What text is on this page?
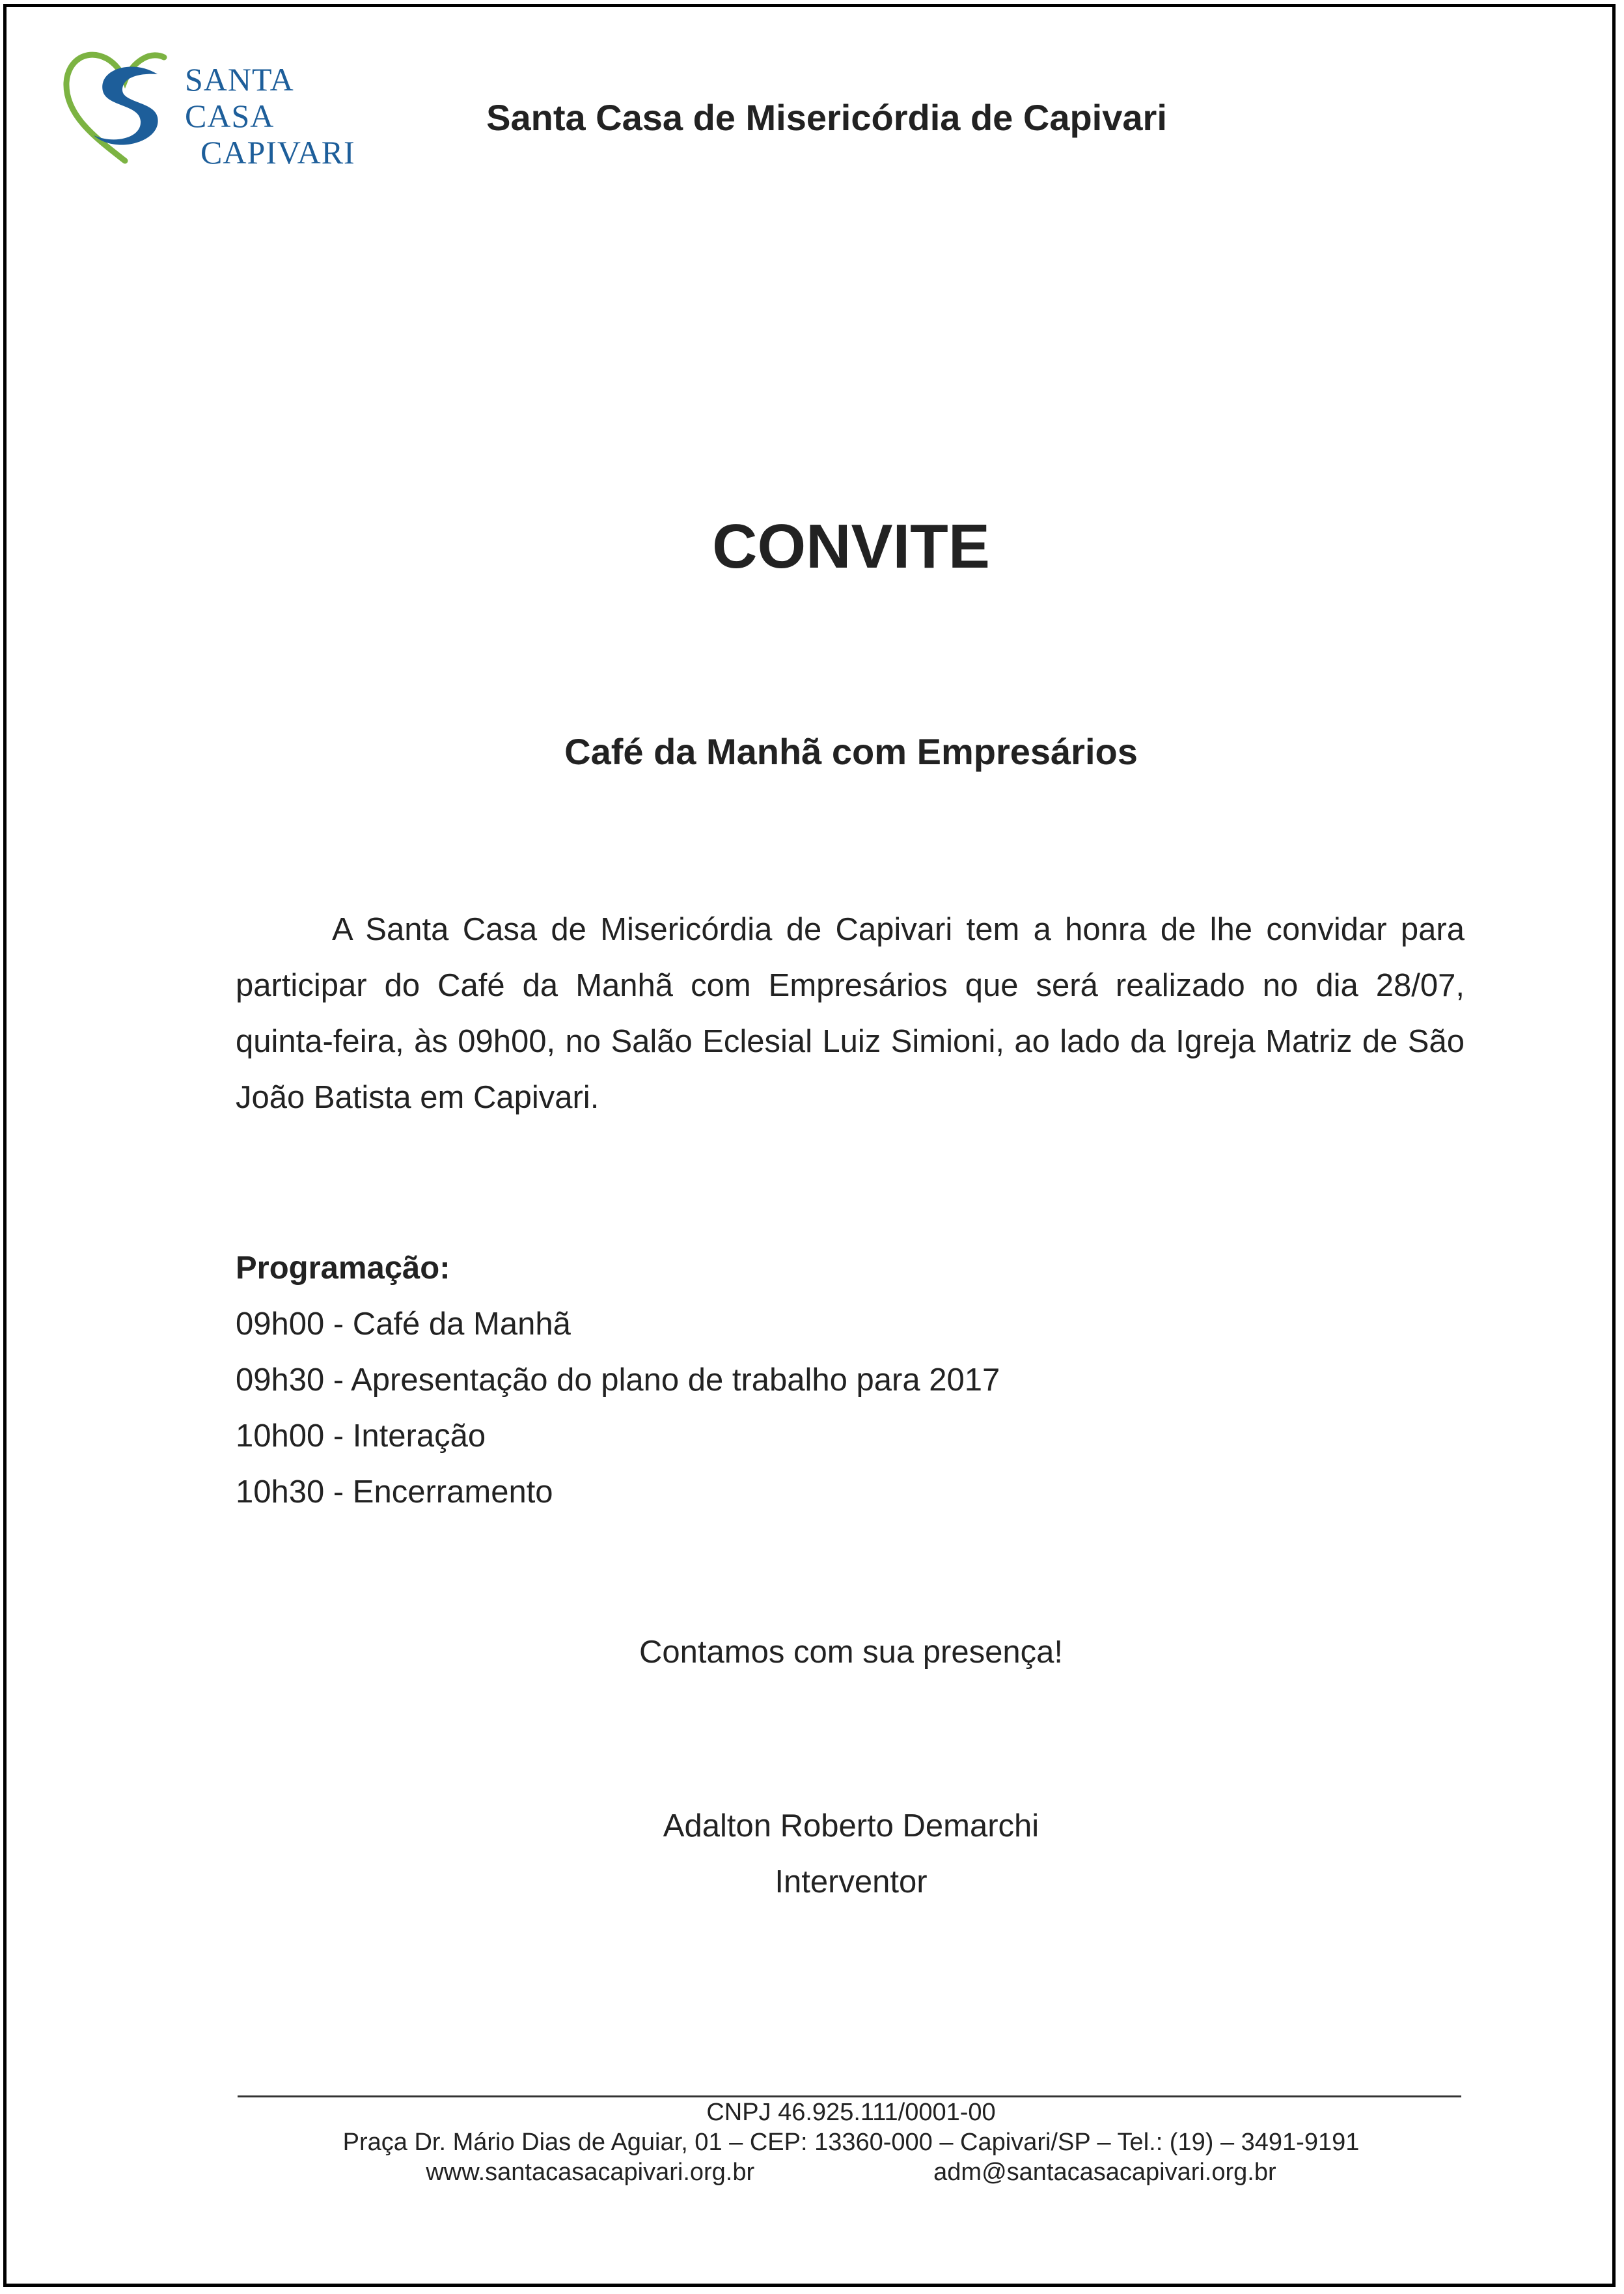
SANTA CASA
CAPIVARI
Santa Casa de Misericórdia de Capivari
CONVITE
Café da Manhã com Empresários

A Santa Casa de Misericórdia de Capivari tem a honra de lhe convidar para participar do Café da Manhã com Empresários que será realizado no dia 28/07, quinta-feira, às 09h00, no Salão Eclesial Luiz Simioni, ao lado da Igreja Matriz de São João Batista em Capivari.

Programação:
09h00 - Café da Manhã
09h30 - Apresentação do plano de trabalho para 2017
10h00 - Interação
10h30 - Encerramento
Contamos com sua presença!
Adalton Roberto Demarchi
Interventor
CNPJ 46.925.111/0001-00
Praça Dr. Mário Dias de Aguiar, 01 – CEP: 13360-000 – Capivari/SP – Tel.: (19) – 3491-9191
www.santacasacapivari.org.br	adm@santacasacapivari.org.br
